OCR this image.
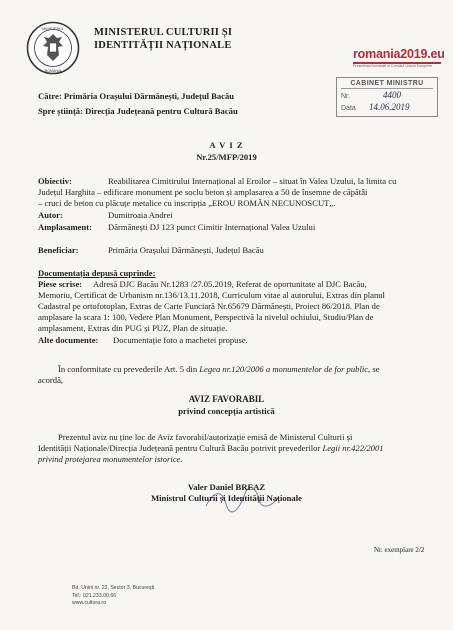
MINISTERUL
ROMÂNIA
MINISTERUL CULTURII ȘI
IDENTITĂȚII NAȚIONALE
romania2019.eu
Președinția României la Consiliul Uniunii Europene
CABINET MINISTRU
Nr.	4400
Data 14.06.2019
Către: Primăria Orașului Dărmănești, Județul Bacău
Spre știință: Direcția Județeană pentru Cultură Bacău
A V I Z
Nr.25/MFP/2019
Obiectiv:	Reabilitarea Cimitirului Internațional al Eroilor – situat în Valea Uzului, la limita cu
Județul Harghita – edificare monument pe soclu beton și amplasarea a 50 de însemne de căpătâi
– cruci de beton cu plăcuțe metalice cu inscripția „EROU ROMÂN NECUNOSCUT„.
Autor:	Dumitroaia Andrei
Amplasament: Dărmănești DJ 123 punct Cimitir Internațional Valea Uzului
Beneficiar:	Primăria Orașului Dărmănești, Județul Bacău
Documentația depusă cuprinde:
Piese scrise: Adresă DJC Bacău Nr.1283 /27.05.2019, Referat de oportunitate al DJC Bacău,
Memoriu, Certificat de Urbanism nr.136/13.11.2018, Curriculum vitae al autorului, Extras din planul
Cadastral pe ortofotoplan, Extras de Carte Funciară Nr.65679 Dărmănești, Proiect 86/2018. Plan de
amplasare la scara 1: 100, Vedere Plan Monument, Perspectivă la nivelul ochiului, Studiu/Plan de
amplasament, Extras din PUG și PUZ, Plan de situație.
Alte documente: Documentație foto a machetei propuse.
În conformitate cu prevederile Art. 5 din Legea nr.120/2006 a monumentelor de for public, se
acordă,
AVIZ FAVORABIL
privind concepția artistică
Prezentul aviz nu ține loc de Aviz favorabil/autorizație emisă de Ministerul Culturii și
Identității Naționale/Direcția Județeană pentru Cultură Bacău potrivit prevederilor Legii nr.422/2001
privind protejarea monumentelor istorice.
Valer Daniel BREAZ
Ministrul Culturii și Identității Naționale
Nr. exemplare 2/2
Bd. Unirii nr. 22, Sector 3, București
Tel.: 021.233.00.66
www.cultura.ro
